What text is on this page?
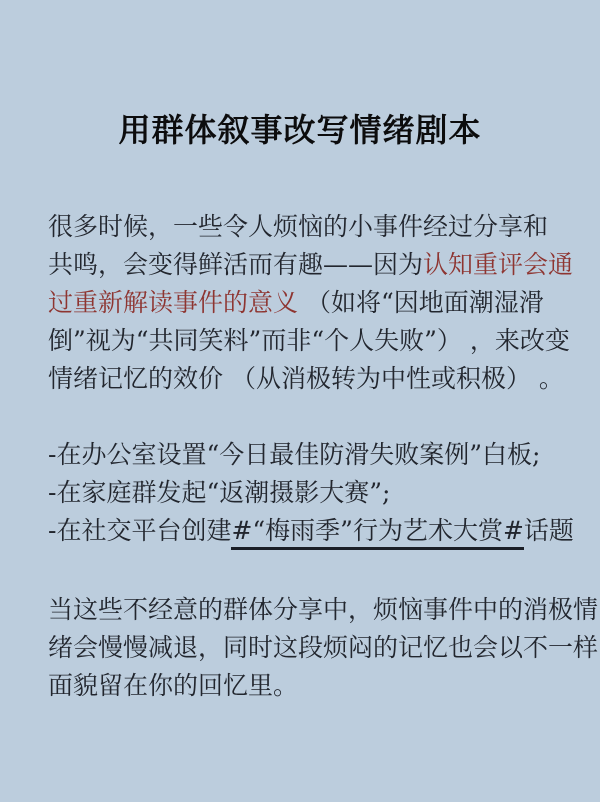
用群体叙事改写情绪剧本
很多时候，一些令人烦恼的小事件经过分享和
共鸣，会变得鲜活而有趣——因为认知重评会通
过重新解读事件的意义 （如将“因地面潮湿滑
倒”视为“共同笑料”而非“个人失败”） ，来改变
情绪记忆的效价 （从消极转为中性或积极） 。
-在办公室设置“今日最佳防滑失败案例”白板;
-在家庭群发起“返潮摄影大赛”;
-在社交平台创建#“梅雨季”行为艺术大赏#话题
当这些不经意的群体分享中，烦恼事件中的消极情
绪会慢慢减退，同时这段烦闷的记忆也会以不一样
面貌留在你的回忆里。
